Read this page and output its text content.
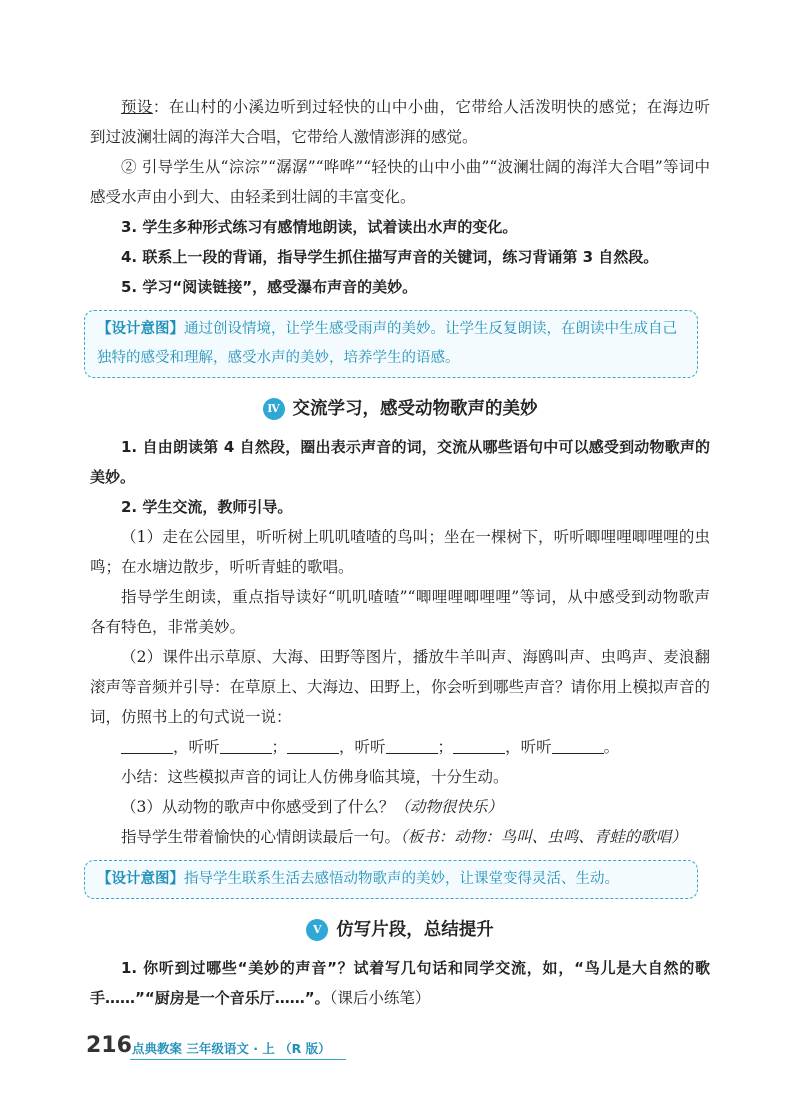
预设：在山村的小溪边听到过轻快的山中小曲，它带给人活泼明快的感觉；在海边听到过波澜壮阔的海洋大合唱，它带给人激情澎湃的感觉。

② 引导学生从“淙淙”“潺潺”“哗哗”“轻快的山中小曲”“波澜壮阔的海洋大合唱”等词中感受水声由小到大、由轻柔到壮阔的丰富变化。

3. 学生多种形式练习有感情地朗读，试着读出水声的变化。

4. 联系上一段的背诵，指导学生抓住描写声音的关键词，练习背诵第 3 自然段。

5. 学习“阅读链接”，感受瀑布声音的美妙。

【设计意图】通过创设情境，让学生感受雨声的美妙。让学生反复朗读，在朗读中生成自己独特的感受和理解，感受水声的美妙，培养学生的语感。
Ⅳ 交流学习，感受动物歌声的美妙

1. 自由朗读第 4 自然段，圈出表示声音的词，交流从哪些语句中可以感受到动物歌声的美妙。

2. 学生交流，教师引导。

（1）走在公园里，听听树上叽叽喳喳的鸟叫；坐在一棵树下，听听唧哩哩唧哩哩的虫鸣；在水塘边散步，听听青蛙的歌唱。

指导学生朗读，重点指导读好“叽叽喳喳”“唧哩哩唧哩哩”等词，从中感受到动物歌声各有特色，非常美妙。

（2）课件出示草原、大海、田野等图片，播放牛羊叫声、海鸥叫声、虫鸣声、麦浪翻滚声等音频并引导：在草原上、大海边、田野上，你会听到哪些声音？请你用上模拟声音的词，仿照书上的句式说一说：

，听听	；	，听听	；	，听听	。

小结：这些模拟声音的词让人仿佛身临其境，十分生动。

（3）从动物的歌声中你感受到了什么？（动物很快乐）

指导学生带着愉快的心情朗读最后一句。（板书：动物：鸟叫、虫鸣、青蛙的歌唱）

【设计意图】指导学生联系生活去感悟动物歌声的美妙，让课堂变得灵活、生动。
Ⅴ 仿写片段，总结提升

1. 你听到过哪些“美妙的声音”？试着写几句话和同学交流，如，“鸟儿是大自然的歌手……”“厨房是一个音乐厅……”。（课后小练笔）

216 点典教案 三年级语文 · 上 （R 版）
